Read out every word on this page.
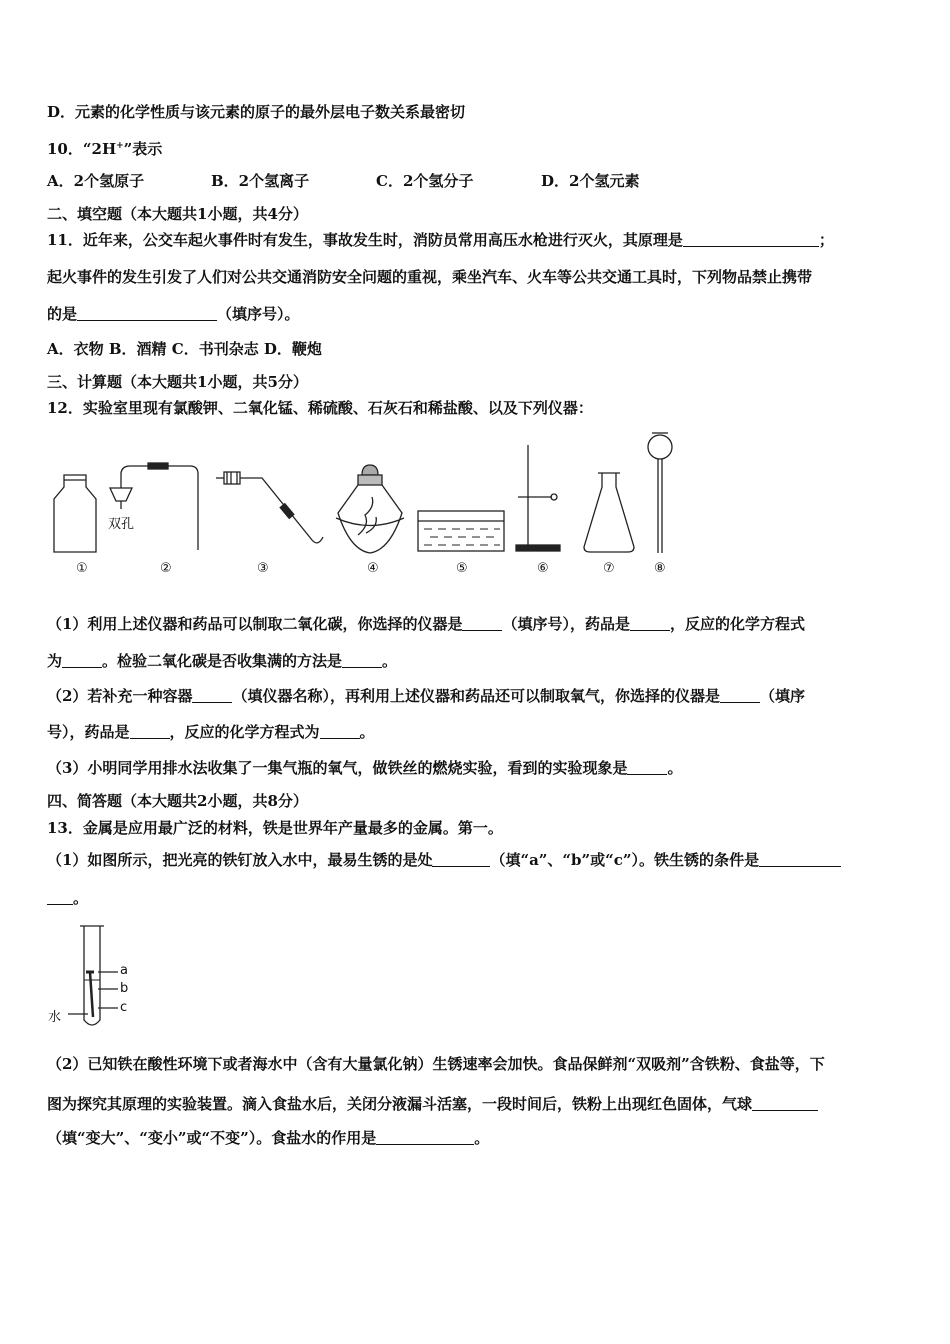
D．元素的化学性质与该元素的原子的最外层电子数关系最密切
10．“2H+”表示
A．2个氢原子	B．2个氢离子	C．2个氢分子	D．2个氢元素
二、填空题（本大题共1小题，共4分）
11．近年来，公交车起火事件时有发生，事故发生时，消防员常用高压水枪进行灭火，其原理是	；
起火事件的发生引发了人们对公共交通消防安全问题的重视，乘坐汽车、火车等公共交通工具时，下列物品禁止携带
的是	（填序号）。
A．衣物 B．酒精 C．书刊杂志 D．鞭炮
三、计算题（本大题共1小题，共5分）
12．实验室里现有氯酸钾、二氧化锰、稀硫酸、石灰石和稀盐酸、以及下列仪器：
①	②	③	④	⑤	⑥	⑦	⑧
双孔
（1）利用上述仪器和药品可以制取二氧化碳，你选择的仪器是	（填序号），药品是	，反应的化学方程式
为	。检验二氧化碳是否收集满的方法是	。
（2）若补充一种容器	（填仪器名称），再利用上述仪器和药品还可以制取氧气，你选择的仪器是	（填序
号），药品是	，反应的化学方程式为	。
（3）小明同学用排水法收集了一集气瓶的氧气，做铁丝的燃烧实验，看到的实验现象是	。
四、简答题（本大题共2小题，共8分）
13．金属是应用最广泛的材料，铁是世界年产量最多的金属。第一。
（1）如图所示，把光亮的铁钉放入水中，最易生锈的是处	（填“a”、“b”或“c”）。铁生锈的条件是
。
a
b
c
水
（2）已知铁在酸性环境下或者海水中（含有大量氯化钠）生锈速率会加快。食品保鲜剂“双吸剂”含铁粉、食盐等，下
图为探究其原理的实验装置。滴入食盐水后，关闭分液漏斗活塞，一段时间后，铁粉上出现红色固体，气球
（填“变大”、“变小”或“不变”）。食盐水的作用是	。
